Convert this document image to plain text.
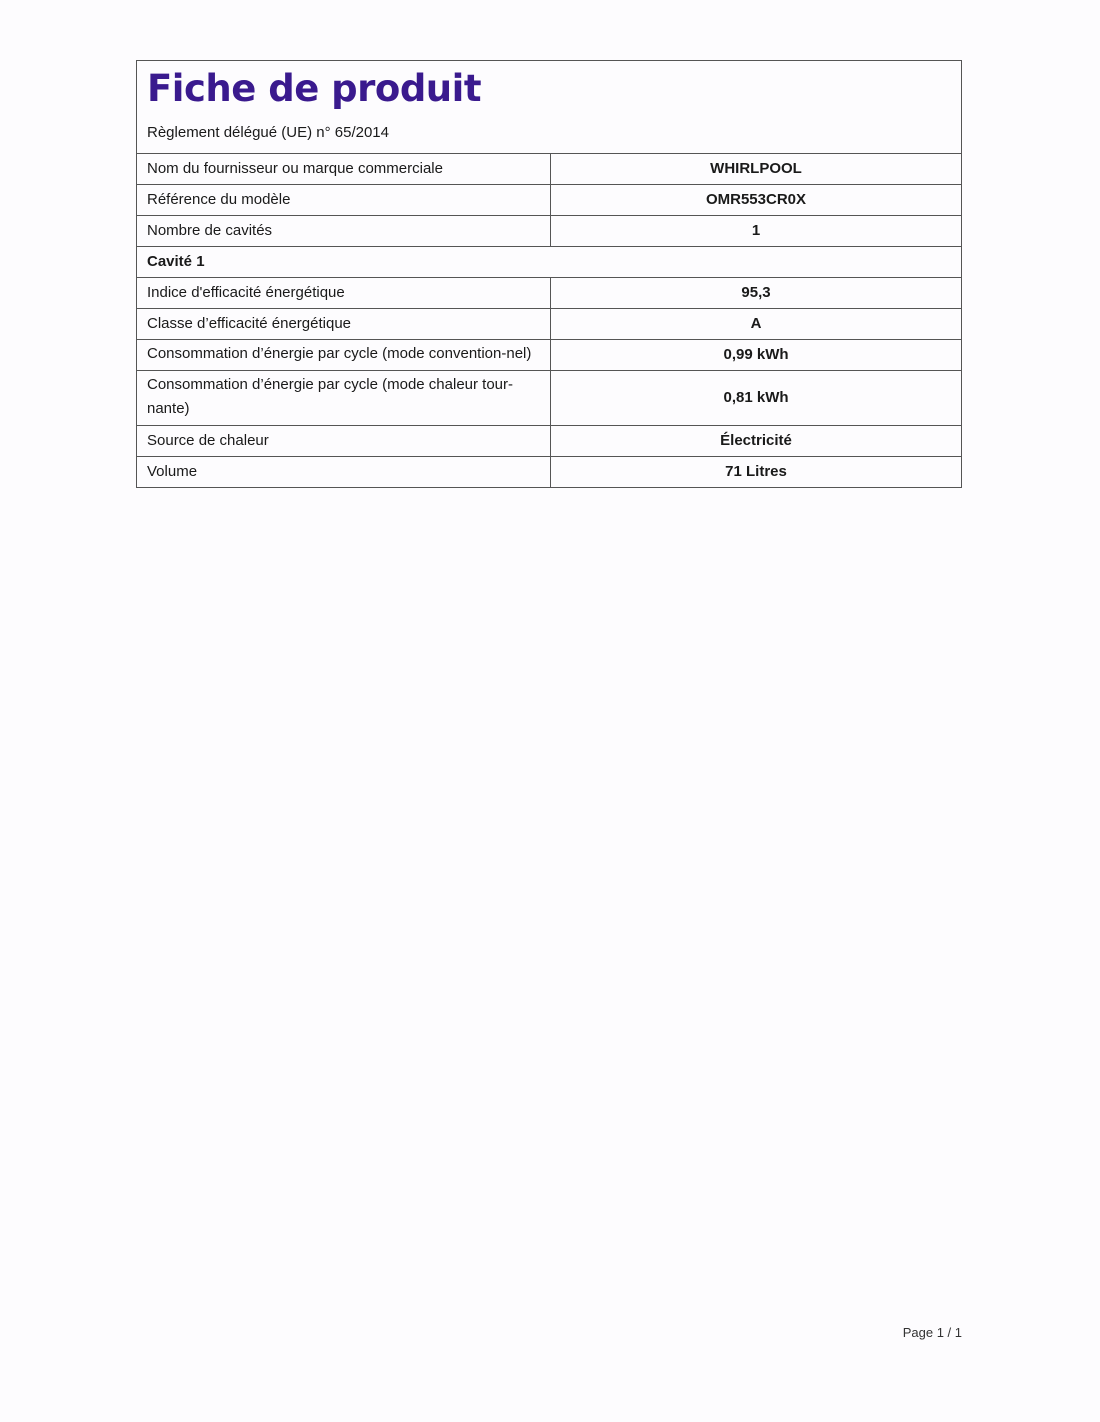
Fiche de produit
Règlement délégué (UE) n° 65/2014
Nom du fournisseur ou marque commerciale	WHIRLPOOL
Référence du modèle	OMR553CR0X
Nombre de cavités	1
Cavité 1	
Indice d'efficacité énergétique	95,3
Classe d’efficacité énergétique	A
Consommation d’énergie par cycle (mode convention-nel)	0,99 kWh
Consommation d’énergie par cycle (mode chaleur tour-nante)	0,81 kWh
Source de chaleur	Électricité
Volume	71 Litres
Page 1 / 1
